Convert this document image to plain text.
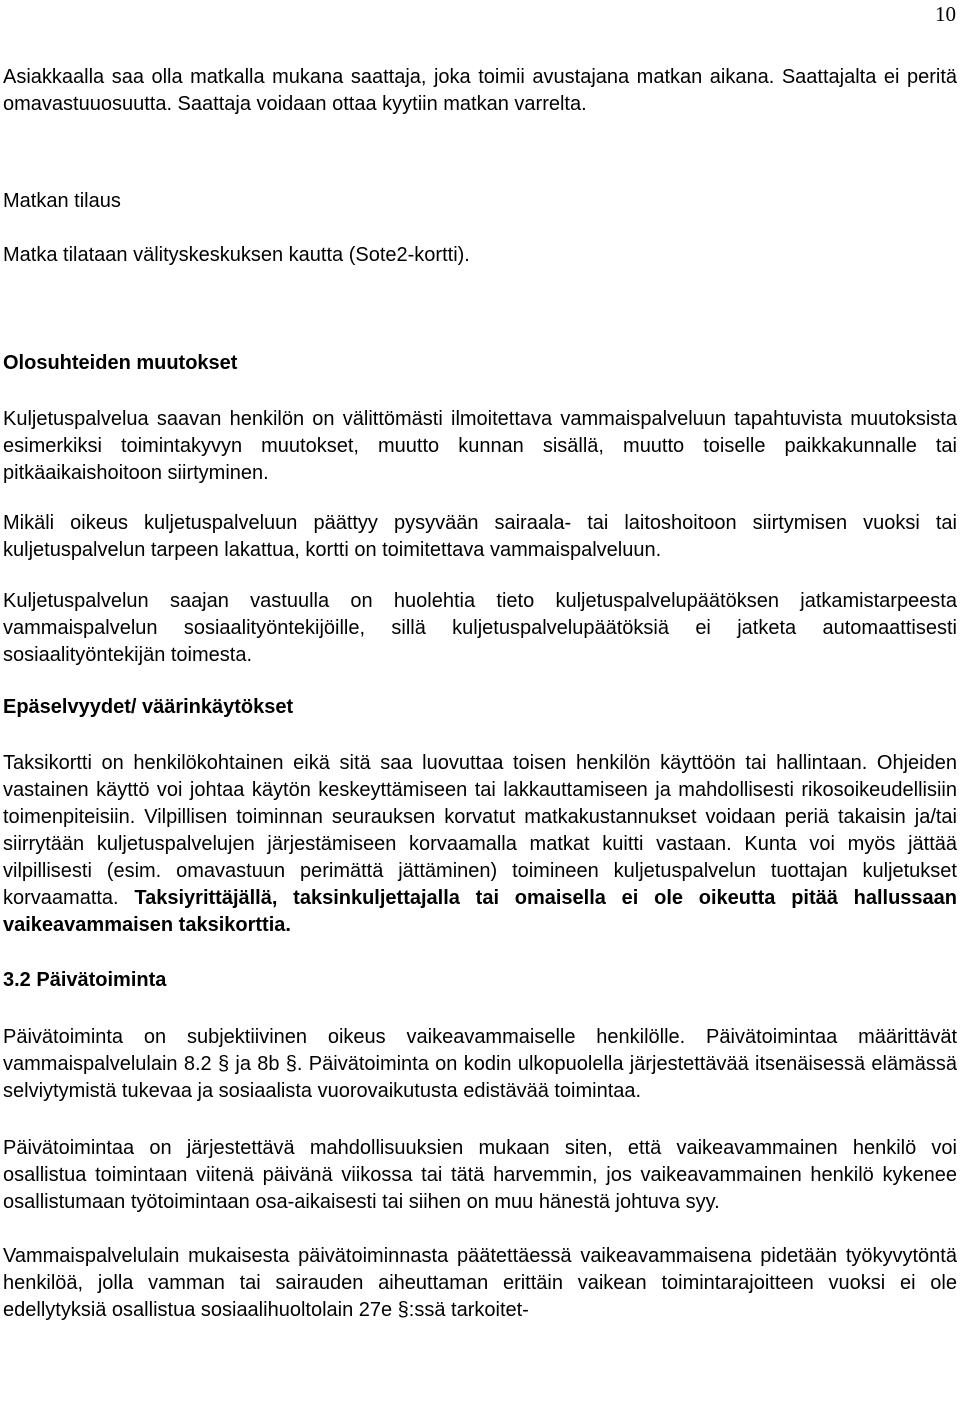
10

Asiakkaalla saa olla matkalla mukana saattaja, joka toimii avustajana matkan aikana. Saattajalta ei peritä omavastuuosuutta. Saattaja voidaan ottaa kyytiin matkan varrelta.

Matkan tilaus

Matka tilataan välityskeskuksen kautta (Sote2-kortti).

Olosuhteiden muutokset

Kuljetuspalvelua saavan henkilön on välittömästi ilmoitettava vammaispalveluun tapahtuvista muutoksista esimerkiksi toimintakyvyn muutokset, muutto kunnan sisällä, muutto toiselle paikkakunnalle tai pitkäaikaishoitoon siirtyminen.

Mikäli oikeus kuljetuspalveluun päättyy pysyvään sairaala- tai laitoshoitoon siirtymisen vuoksi tai kuljetuspalvelun tarpeen lakattua, kortti on toimitettava vammaispalveluun.

Kuljetuspalvelun saajan vastuulla on huolehtia tieto kuljetuspalvelupäätöksen jatkamistarpeesta vammaispalvelun sosiaalityöntekijöille, sillä kuljetuspalvelupäätöksiä ei jatketa automaattisesti sosiaalityöntekijän toimesta.

Epäselvyydet/ väärinkäytökset

Taksikortti on henkilökohtainen eikä sitä saa luovuttaa toisen henkilön käyttöön tai hallintaan. Ohjeiden vastainen käyttö voi johtaa käytön keskeyttämiseen tai lakkauttamiseen ja mahdollisesti rikosoikeudellisiin toimenpiteisiin. Vilpillisen toiminnan seurauksen korvatut matkakustannukset voidaan periä takaisin ja/tai siirrytään kuljetuspalvelujen järjestämiseen korvaamalla matkat kuitti vastaan. Kunta voi myös jättää vilpillisesti (esim. omavastuun perimättä jättäminen) toimineen kuljetuspalvelun tuottajan kuljetukset korvaamatta. Taksiyrittäjällä, taksinkuljettajalla tai omaisella ei ole oikeutta pitää hallussaan vaikeavammaisen taksikorttia.

3.2 Päivätoiminta

Päivätoiminta on subjektiivinen oikeus vaikeavammaiselle henkilölle. Päivätoimintaa määrittävät vammaispalvelulain 8.2 § ja 8b §. Päivätoiminta on kodin ulkopuolella järjestettävää itsenäisessä elämässä selviytymistä tukevaa ja sosiaalista vuorovaikutusta edistävää toimintaa.

Päivätoimintaa on järjestettävä mahdollisuuksien mukaan siten, että vaikeavammainen henkilö voi osallistua toimintaan viitenä päivänä viikossa tai tätä harvemmin, jos vaikeavammainen henkilö kykenee osallistumaan työtoimintaan osa-aikaisesti tai siihen on muu hänestä johtuva syy.

Vammaispalvelulain mukaisesta päivätoiminnasta päätettäessä vaikeavammaisena pidetään työkyvytöntä henkilöä, jolla vamman tai sairauden aiheuttaman erittäin vaikean toimintarajoitteen vuoksi ei ole edellytyksiä osallistua sosiaalihuoltolain 27e §:ssä tarkoitet-
